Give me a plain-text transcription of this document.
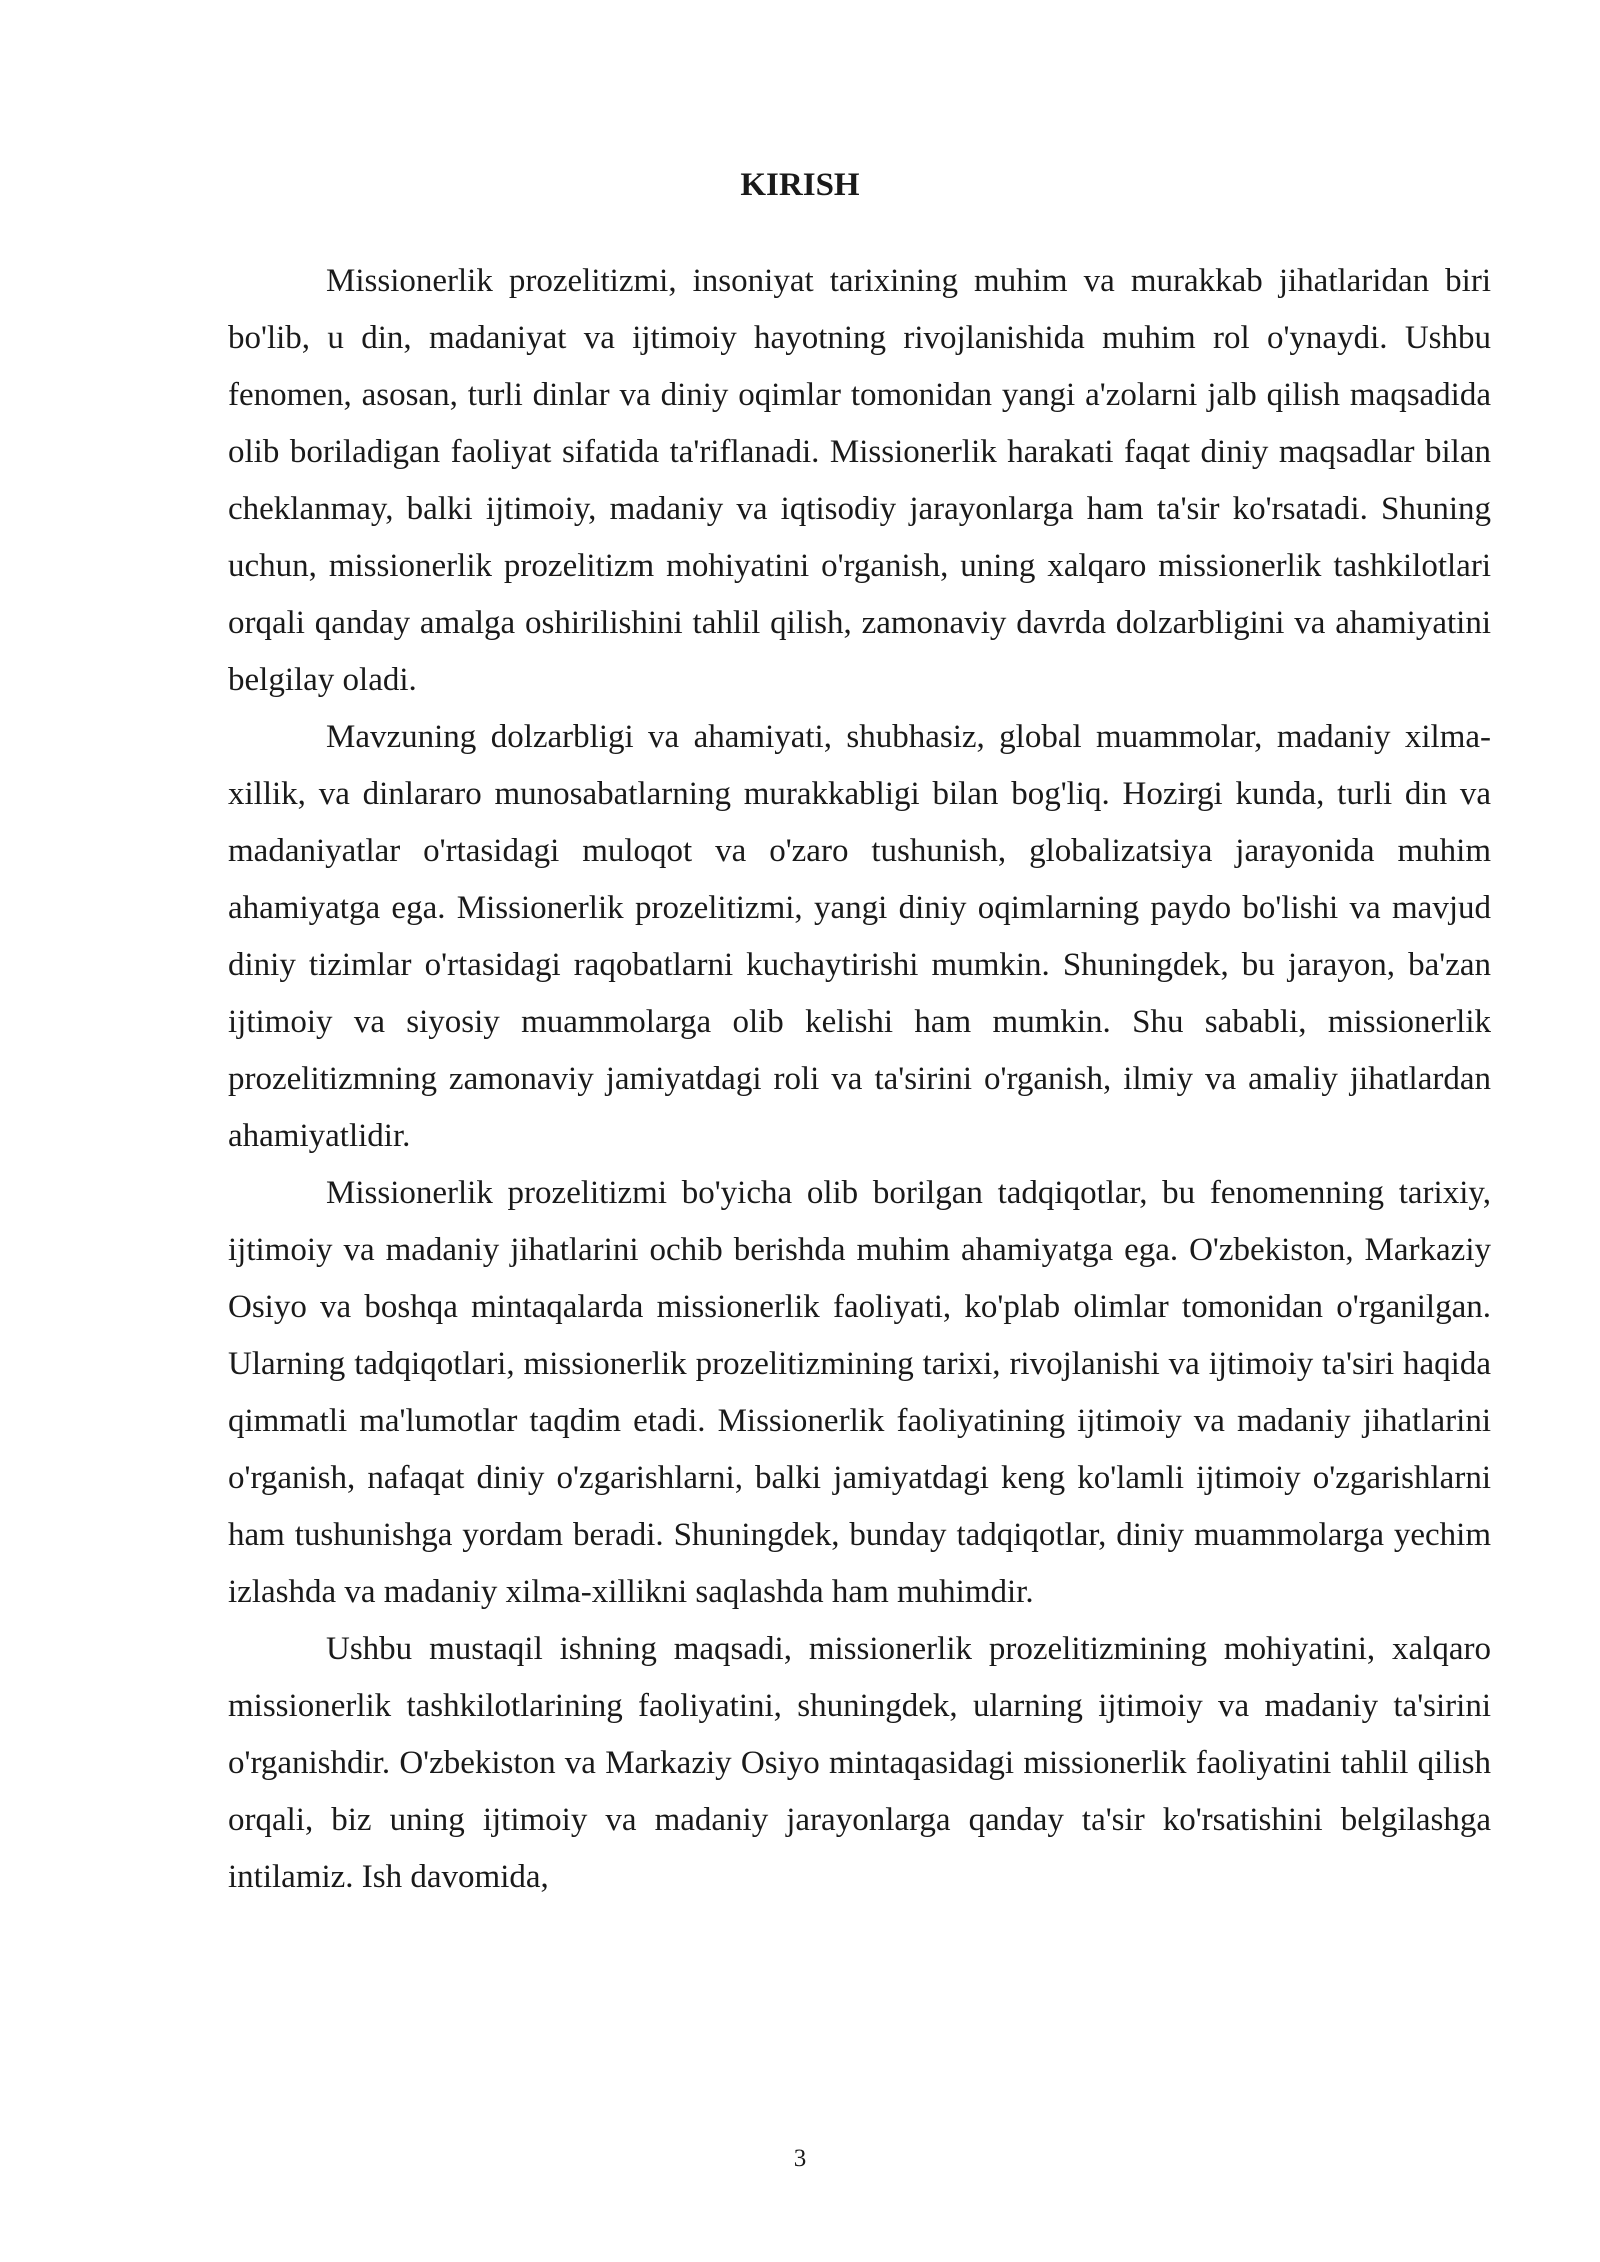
KIRISH

Missionerlik prozelitizmi, insoniyat tarixining muhim va murakkab jihatlaridan biri bo'lib, u din, madaniyat va ijtimoiy hayotning rivojlanishida muhim rol o'ynaydi. Ushbu fenomen, asosan, turli dinlar va diniy oqimlar tomonidan yangi a'zolarni jalb qilish maqsadida olib boriladigan faoliyat sifatida ta'riflanadi. Missionerlik harakati faqat diniy maqsadlar bilan cheklanmay, balki ijtimoiy, madaniy va iqtisodiy jarayonlarga ham ta'sir ko'rsatadi. Shuning uchun, missionerlik prozelitizm mohiyatini o'rganish, uning xalqaro missionerlik tashkilotlari orqali qanday amalga oshirilishini tahlil qilish, zamonaviy davrda dolzarbligini va ahamiyatini belgilay oladi.

Mavzuning dolzarbligi va ahamiyati, shubhasiz, global muammolar, madaniy xilma-xillik, va dinlararo munosabatlarning murakkabligi bilan bog'liq. Hozirgi kunda, turli din va madaniyatlar o'rtasidagi muloqot va o'zaro tushunish, globalizatsiya jarayonida muhim ahamiyatga ega. Missionerlik prozelitizmi, yangi diniy oqimlarning paydo bo'lishi va mavjud diniy tizimlar o'rtasidagi raqobatlarni kuchaytirishi mumkin. Shuningdek, bu jarayon, ba'zan ijtimoiy va siyosiy muammolarga olib kelishi ham mumkin. Shu sababli, missionerlik prozelitizmning zamonaviy jamiyatdagi roli va ta'sirini o'rganish, ilmiy va amaliy jihatlardan ahamiyatlidir.

Missionerlik prozelitizmi bo'yicha olib borilgan tadqiqotlar, bu fenomenning tarixiy, ijtimoiy va madaniy jihatlarini ochib berishda muhim ahamiyatga ega. O'zbekiston, Markaziy Osiyo va boshqa mintaqalarda missionerlik faoliyati, ko'plab olimlar tomonidan o'rganilgan. Ularning tadqiqotlari, missionerlik prozelitizmining tarixi, rivojlanishi va ijtimoiy ta'siri haqida qimmatli ma'lumotlar taqdim etadi. Missionerlik faoliyatining ijtimoiy va madaniy jihatlarini o'rganish, nafaqat diniy o'zgarishlarni, balki jamiyatdagi keng ko'lamli ijtimoiy o'zgarishlarni ham tushunishga yordam beradi. Shuningdek, bunday tadqiqotlar, diniy muammolarga yechim izlashda va madaniy xilma-xillikni saqlashda ham muhimdir.

Ushbu mustaqil ishning maqsadi, missionerlik prozelitizmining mohiyatini, xalqaro missionerlik tashkilotlarining faoliyatini, shuningdek, ularning ijtimoiy va madaniy ta'sirini o'rganishdir. O'zbekiston va Markaziy Osiyo mintaqasidagi missionerlik faoliyatini tahlil qilish orqali, biz uning ijtimoiy va madaniy jarayonlarga qanday ta'sir ko'rsatishini belgilashga intilamiz. Ish davomida,

3
